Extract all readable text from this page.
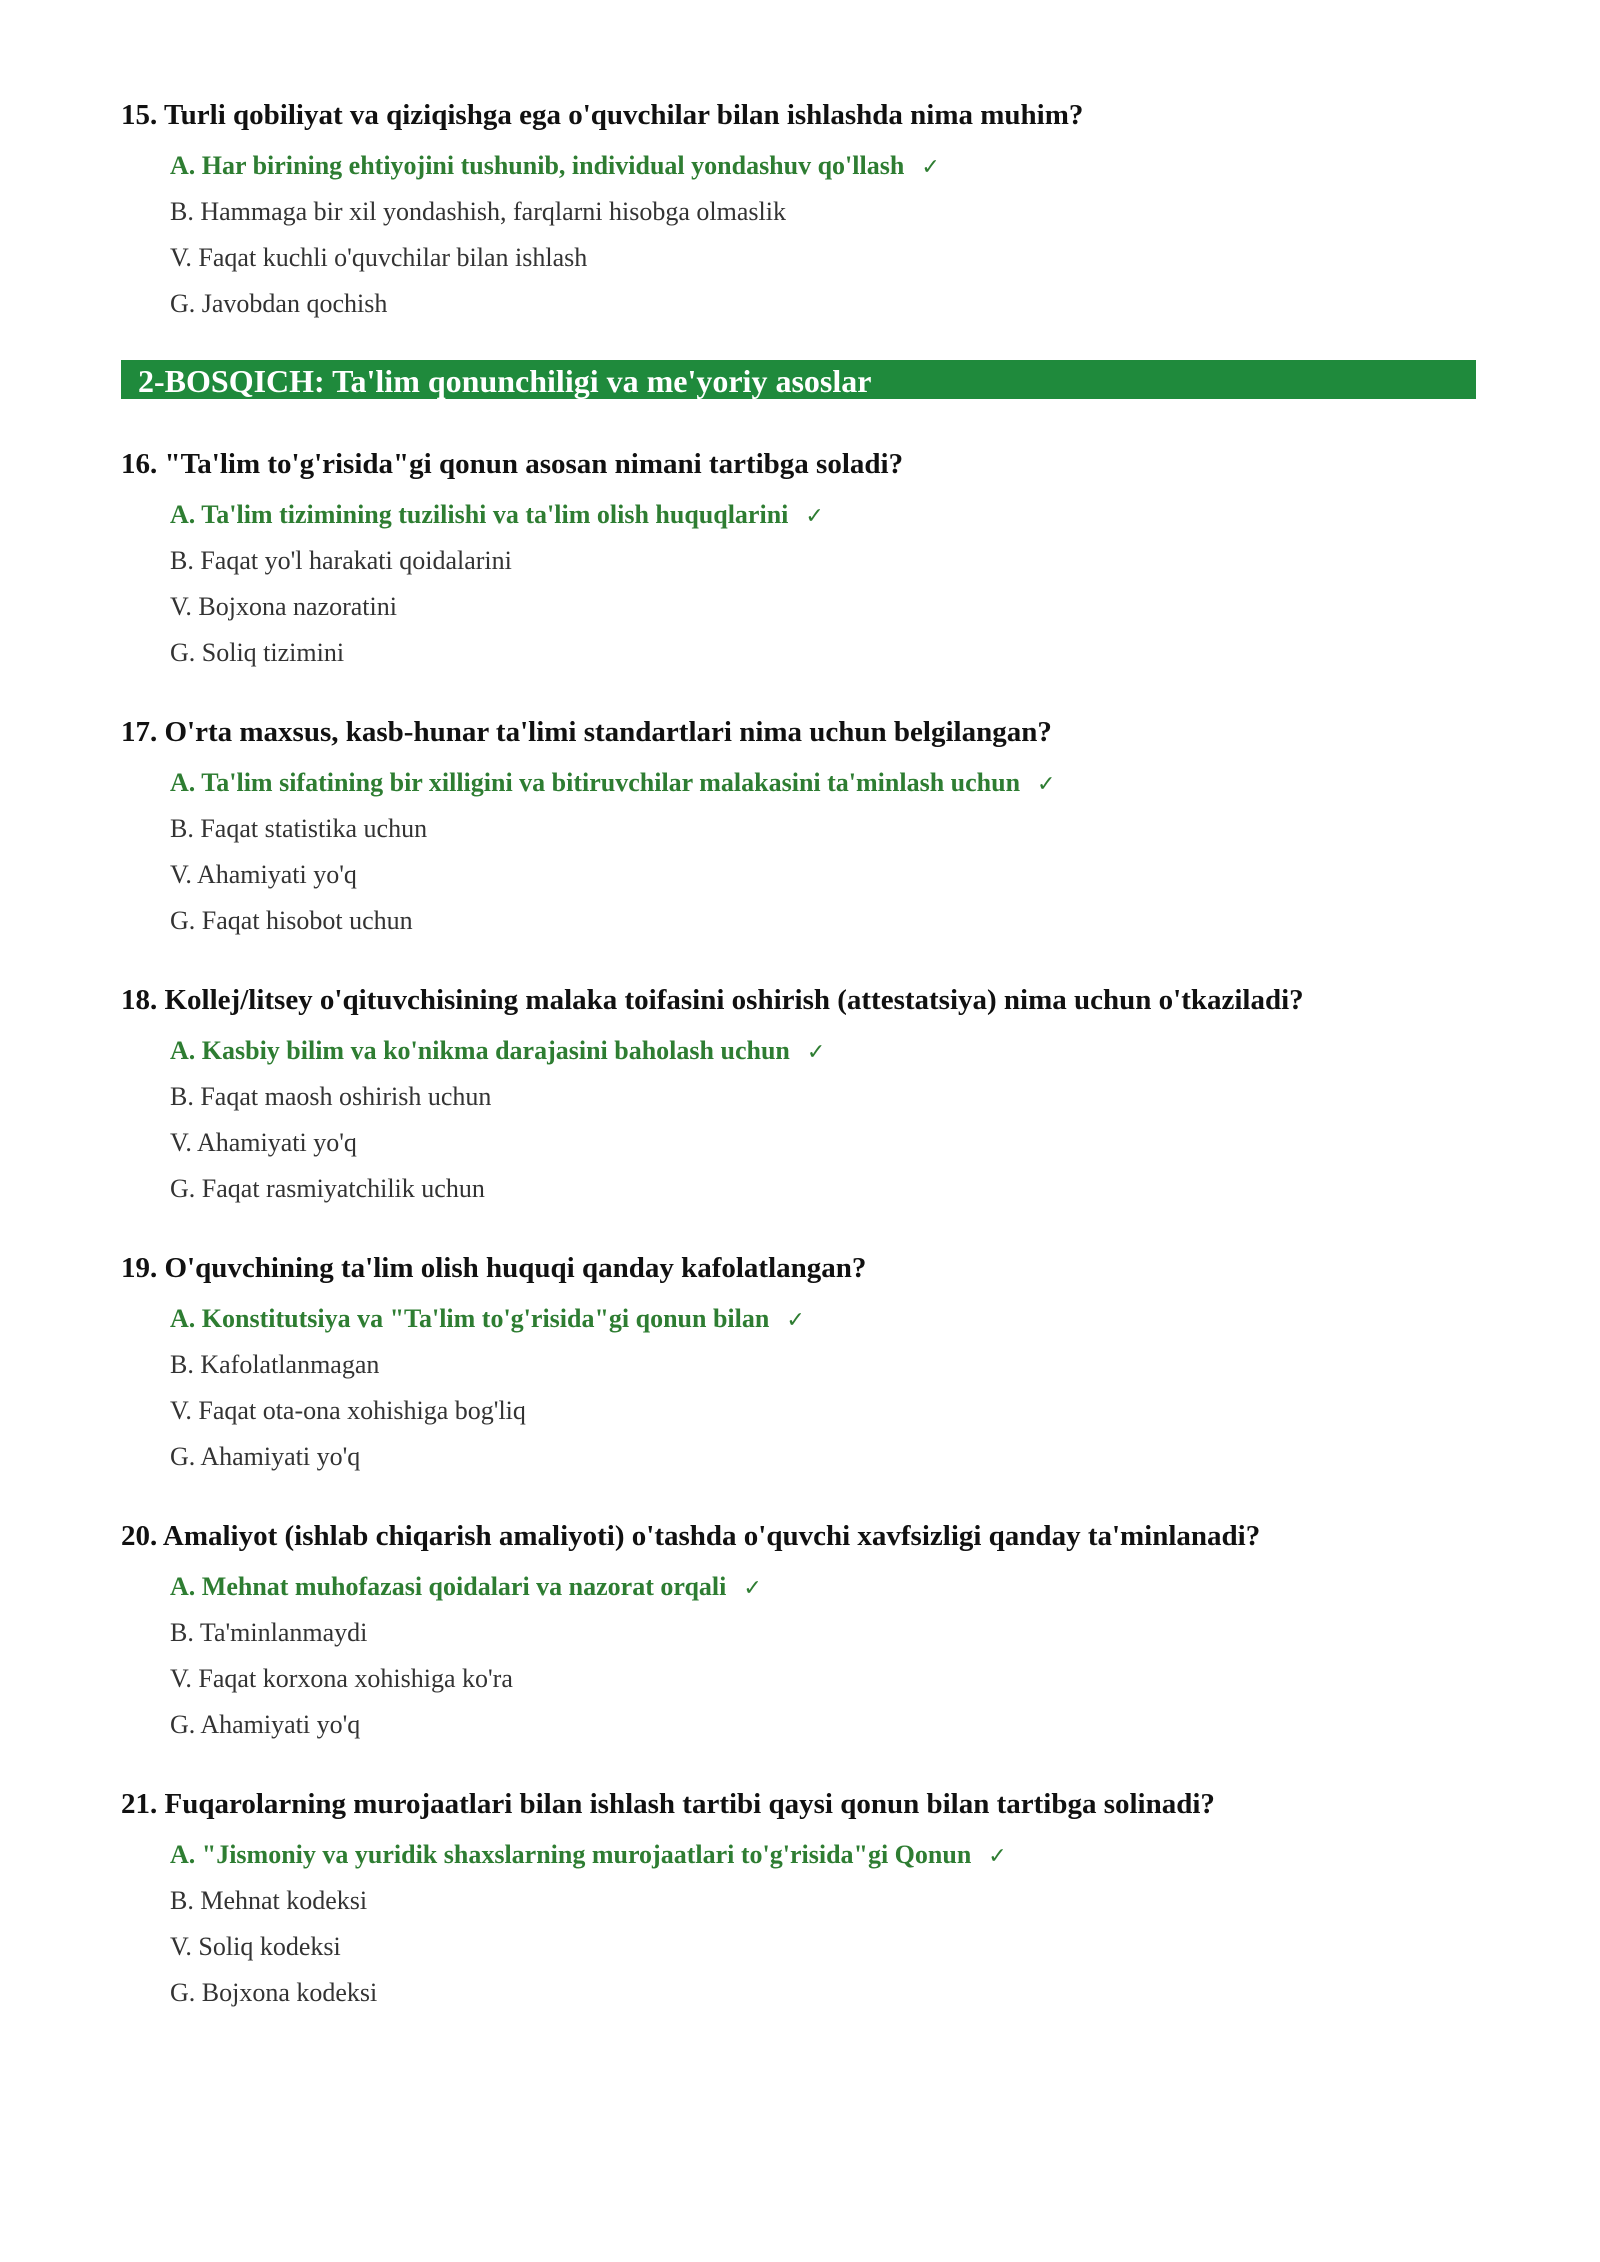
15. Turli qobiliyat va qiziqishga ega o'quvchilar bilan ishlashda nima muhim?
A. Har birining ehtiyojini tushunib, individual yondashuv qo'llash ✓
B. Hammaga bir xil yondashish, farqlarni hisobga olmaslik
V. Faqat kuchli o'quvchilar bilan ishlash
G. Javobdan qochish
2-BOSQICH: Ta'lim qonunchiligi va me'yoriy asoslar
16. "Ta'lim to'g'risida"gi qonun asosan nimani tartibga soladi?
A. Ta'lim tizimining tuzilishi va ta'lim olish huquqlarini ✓
B. Faqat yo'l harakati qoidalarini
V. Bojxona nazoratini
G. Soliq tizimini
17. O'rta maxsus, kasb-hunar ta'limi standartlari nima uchun belgilangan?
A. Ta'lim sifatining bir xilligini va bitiruvchilar malakasini ta'minlash uchun ✓
B. Faqat statistika uchun
V. Ahamiyati yo'q
G. Faqat hisobot uchun
18. Kollej/litsey o'qituvchisining malaka toifasini oshirish (attestatsiya) nima uchun o'tkaziladi?
A. Kasbiy bilim va ko'nikma darajasini baholash uchun ✓
B. Faqat maosh oshirish uchun
V. Ahamiyati yo'q
G. Faqat rasmiyatchilik uchun
19. O'quvchining ta'lim olish huquqi qanday kafolatlangan?
A. Konstitutsiya va "Ta'lim to'g'risida"gi qonun bilan ✓
B. Kafolatlanmagan
V. Faqat ota-ona xohishiga bog'liq
G. Ahamiyati yo'q
20. Amaliyot (ishlab chiqarish amaliyoti) o'tashda o'quvchi xavfsizligi qanday ta'minlanadi?
A. Mehnat muhofazasi qoidalari va nazorat orqali ✓
B. Ta'minlanmaydi
V. Faqat korxona xohishiga ko'ra
G. Ahamiyati yo'q
21. Fuqarolarning murojaatlari bilan ishlash tartibi qaysi qonun bilan tartibga solinadi?
A. "Jismoniy va yuridik shaxslarning murojaatlari to'g'risida"gi Qonun ✓
B. Mehnat kodeksi
V. Soliq kodeksi
G. Bojxona kodeksi
